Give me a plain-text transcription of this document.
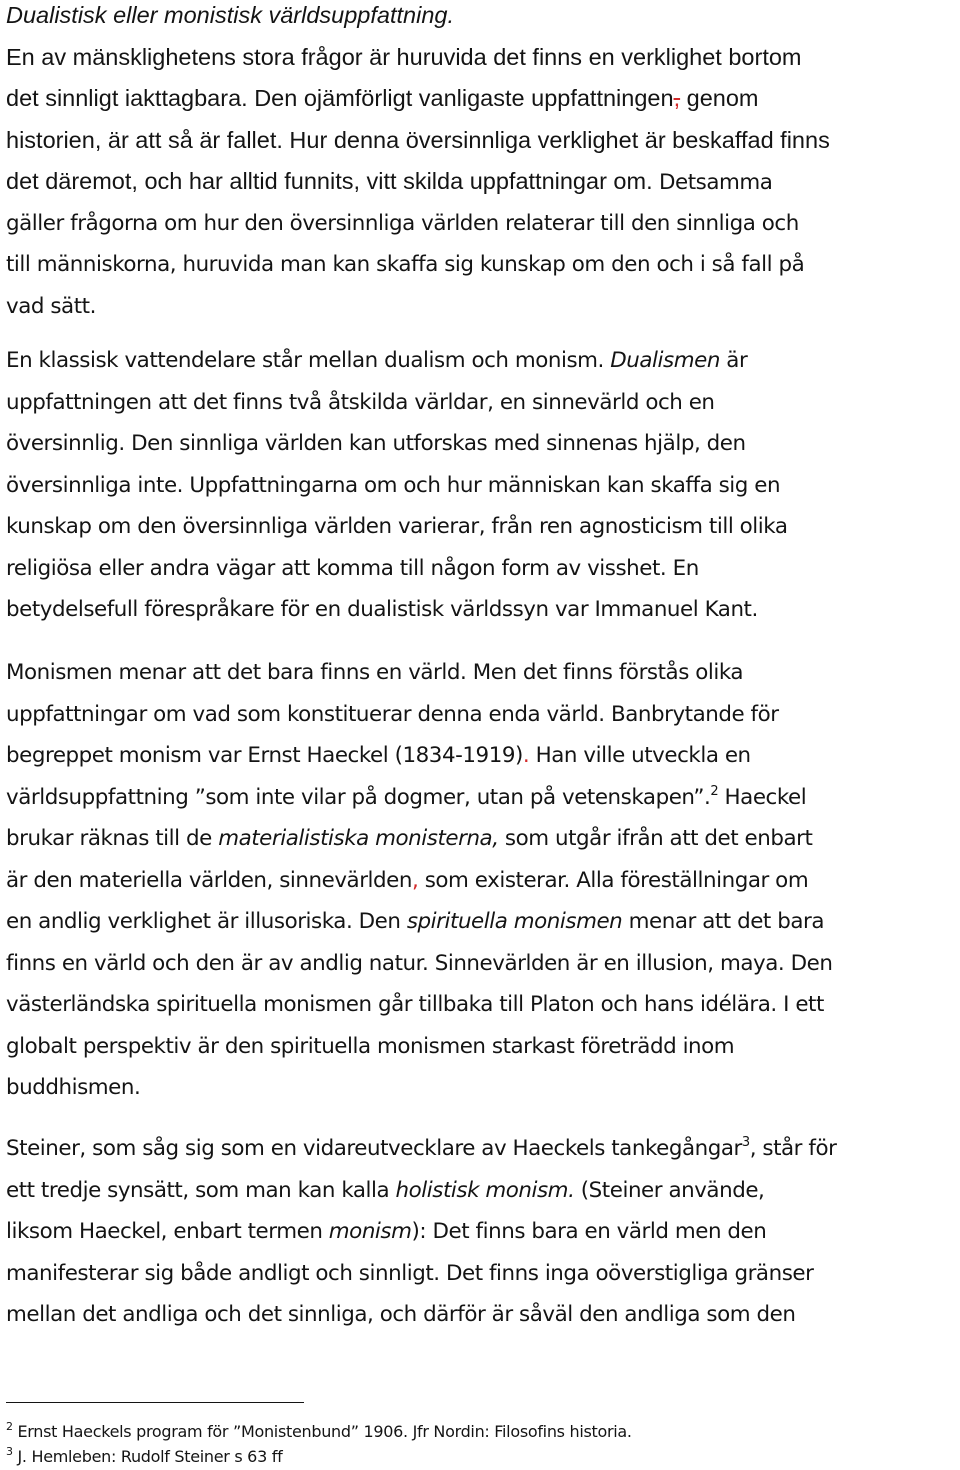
Dualistisk eller monistisk världsuppfattning.
En av mänsklighetens stora frågor är huruvida det finns en verklighet bortom
det sinnligt iakttagbara. Den ojämförligt vanligaste uppfattningen, genom
historien, är att så är fallet. Hur denna översinnliga verklighet är beskaffad finns
det däremot, och har alltid funnits, vitt skilda uppfattningar om. Detsamma
gäller frågorna om hur den översinnliga världen relaterar till den sinnliga och
till människorna, huruvida man kan skaffa sig kunskap om den och i så fall på
vad sätt.
En klassisk vattendelare står mellan dualism och monism. Dualismen är
uppfattningen att det finns två åtskilda världar, en sinnevärld och en
översinnlig. Den sinnliga världen kan utforskas med sinnenas hjälp, den
översinnliga inte. Uppfattningarna om och hur människan kan skaffa sig en
kunskap om den översinnliga världen varierar, från ren agnosticism till olika
religiösa eller andra vägar att komma till någon form av visshet. En
betydelsefull förespråkare för en dualistisk världssyn var Immanuel Kant.
Monismen menar att det bara finns en värld. Men det finns förstås olika
uppfattningar om vad som konstituerar denna enda värld. Banbrytande för
begreppet monism var Ernst Haeckel (1834-1919). Han ville utveckla en
världsuppfattning ”som inte vilar på dogmer, utan på vetenskapen”.$^2$ Haeckel
brukar räknas till de materialistiska monisterna, som utgår ifrån att det enbart
är den materiella världen, sinnevärlden, som existerar. Alla föreställningar om
en andlig verklighet är illusoriska. Den spirituella monismen menar att det bara
finns en värld och den är av andlig natur. Sinnevärlden är en illusion, maya. Den
västerländska spirituella monismen går tillbaka till Platon och hans idélära. I ett
globalt perspektiv är den spirituella monismen starkast företrädd inom
buddhismen.
Steiner, som såg sig som en vidareutvecklare av Haeckels tankegångar$^3$, står för
ett tredje synsätt, som man kan kalla holistisk monism. (Steiner använde,
liksom Haeckel, enbart termen monism): Det finns bara en värld men den
manifesterar sig både andligt och sinnligt. Det finns inga oöverstigliga gränser
mellan det andliga och det sinnliga, och därför är såväl den andliga som den
$^2$ Ernst Haeckels program för ”Monistenbund” 1906. Jfr Nordin: Filosofins historia.
$^3$ J. Hemleben: Rudolf Steiner s 63 ff
